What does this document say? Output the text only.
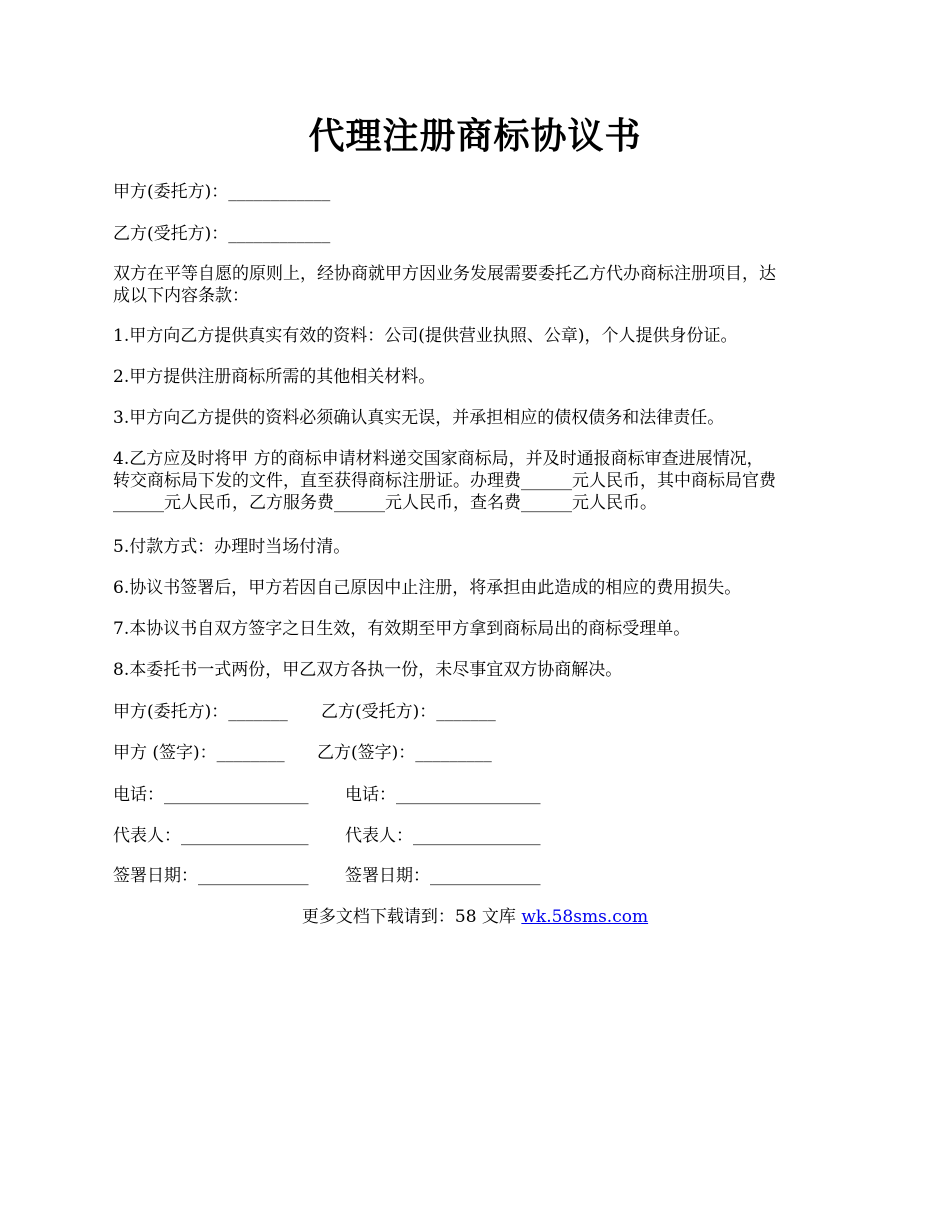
代理注册商标协议书
甲方(委托方)：____________
乙方(受托方)：____________
双方在平等自愿的原则上，经协商就甲方因业务发展需要委托乙方代办商标注册项目，达
成以下内容条款：
1.甲方向乙方提供真实有效的资料：公司(提供营业执照、公章)，个人提供身份证。
2.甲方提供注册商标所需的其他相关材料。
3.甲方向乙方提供的资料必须确认真实无误，并承担相应的债权债务和法律责任。
4.乙方应及时将甲 方的商标申请材料递交国家商标局，并及时通报商标审查进展情况，
转交商标局下发的文件，直至获得商标注册证。办理费______元人民币，其中商标局官费
______元人民币，乙方服务费______元人民币，查名费______元人民币。
5.付款方式：办理时当场付清。
6.协议书签署后，甲方若因自己原因中止注册，将承担由此造成的相应的费用损失。
7.本协议书自双方签字之日生效，有效期至甲方拿到商标局出的商标受理单。
8.本委托书一式两份，甲乙双方各执一份，未尽事宜双方协商解决。
甲方(委托方)：_______ 乙方(受托方)：_______
甲方 (签字)：________ 乙方(签字)：_________
电话：_________________ 电话：_________________
代表人：_______________ 代表人：_______________
签署日期：_____________ 签署日期：_____________
更多文档下载请到：58 文库 wk.58sms.com
